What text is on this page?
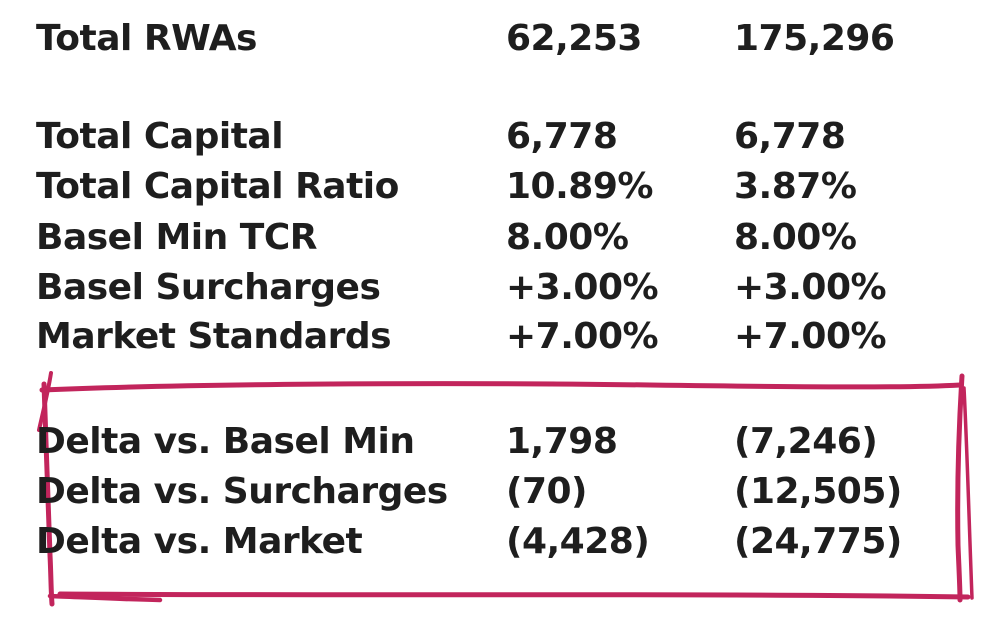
Total RWAs	62,253	175,296
Total Capital	6,778	6,778
Total Capital Ratio	10.89% 3.87%
Basel Min TCR	8.00%	8.00%
Basel Surcharges	+3.00% +3.00%
Market Standards	+7.00% +7.00%
Delta vs. Basel Min	1,798	(7,246)
Delta vs. Surcharges (70)	(12,505)
Delta vs. Market	(4,428) (24,775)
